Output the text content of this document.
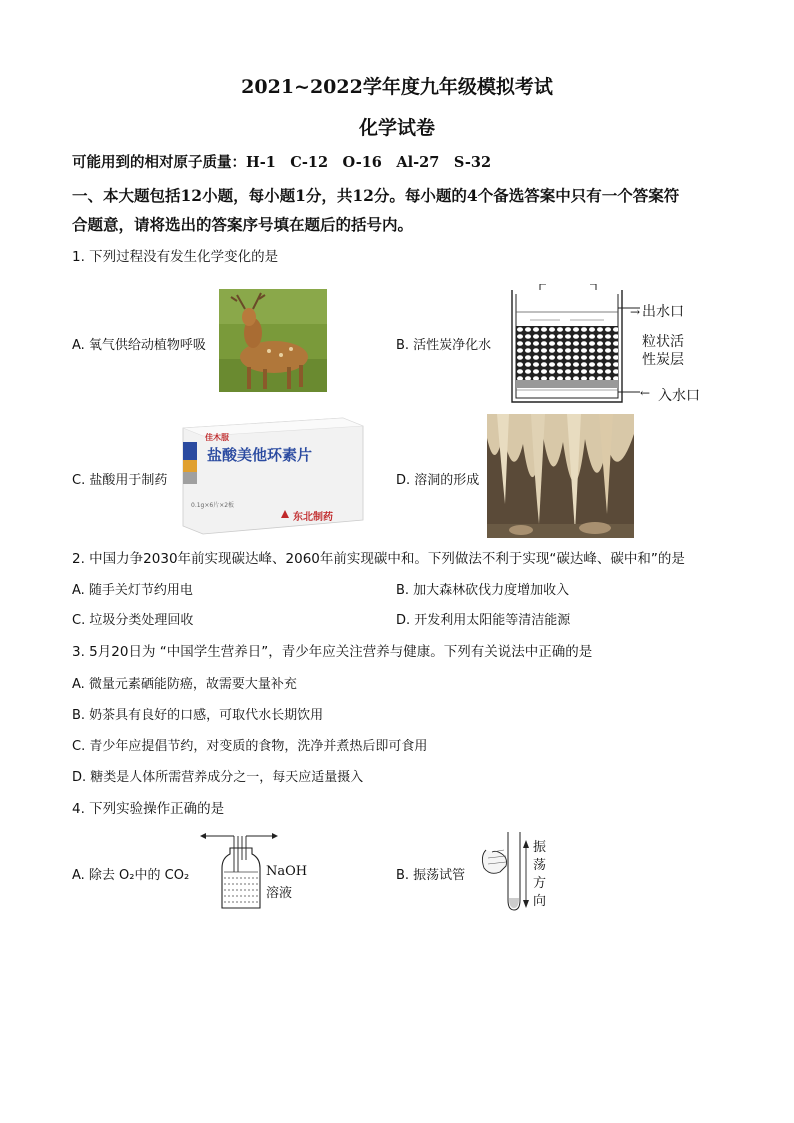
2021~2022学年度九年级模拟考试
化学试卷
可能用到的相对原子质量：H-1　C-12　O-16　Al-27　S-32
一、本大题包括12小题，每小题1分，共12分。每小题的4个备选答案中只有一个答案符
合题意，请将选出的答案序号填在题后的括号内。
1. 下列过程没有发生化学变化的是
A. 氧气供给动植物呼吸	B. 活性炭净化水
出水口
→
粒状活
性炭层
← 入水口
C. 盐酸用于制药	D. 溶洞的形成
佳木服
盐酸美他环素片
0.1g×6片×2板
东北制药
2. 中国力争2030年前实现碳达峰、2060年前实现碳中和。下列做法不利于实现“碳达峰、碳中和”的是
A. 随手关灯节约用电	B. 加大森林砍伐力度增加收入
C. 垃圾分类处理回收	D. 开发利用太阳能等清洁能源
3. 5月20日为 “中国学生营养日”，青少年应关注营养与健康。下列有关说法中正确的是
A. 微量元素硒能防癌，故需要大量补充
B. 奶茶具有良好的口感，可取代水长期饮用
C. 青少年应提倡节约，对变质的食物，洗净并煮热后即可食用
D. 糖类是人体所需营养成分之一，每天应适量摄入
4. 下列实验操作正确的是
A. 除去 O₂中的 CO₂	NaOH
溶液
B. 振荡试管
振
荡
方
向
